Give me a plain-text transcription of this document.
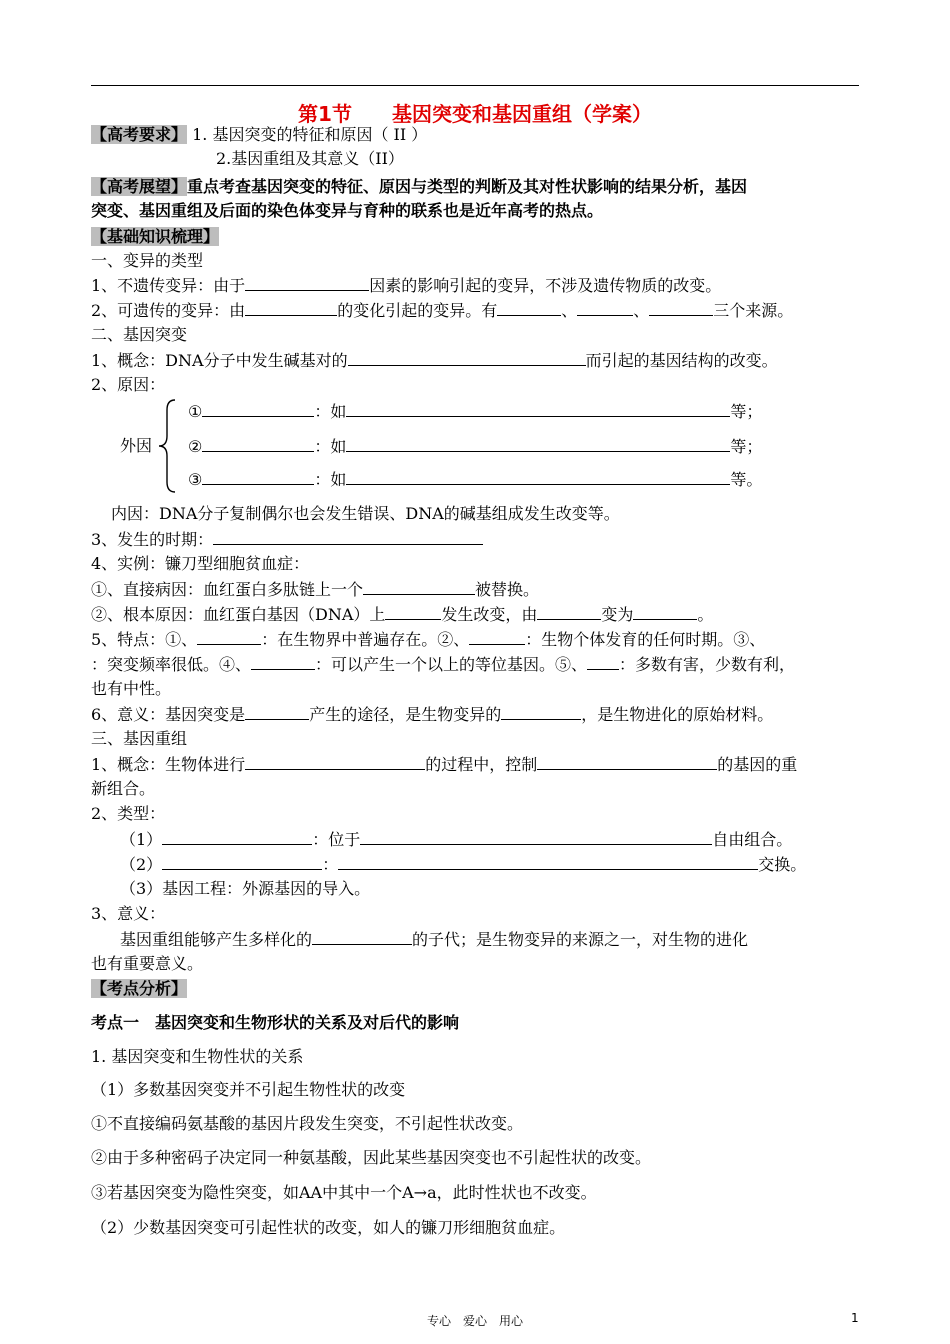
第1节　　基因突变和基因重组（学案）
【高考要求】 1. 基因突变的特征和原因（ II ）
2.基因重组及其意义（II）
【高考展望】重点考查基因突变的特征、原因与类型的判断及其对性状影响的结果分析，基因
突变、基因重组及后面的染色体变异与育种的联系也是近年高考的热点。
【基础知识梳理】
一、变异的类型
1、不遗传变异：由于	因素的影响引起的变异，不涉及遗传物质的改变。
2、可遗传的变异：由	的变化引起的变异。有	、	、	三个来源。
二、基因突变
1、概念：DNA分子中发生碱基对的	而引起的基因结构的改变。
2、原因：
外因
①	：如	等；
②	：如	等；
③	：如	等。
内因：DNA分子复制偶尔也会发生错误、DNA的碱基组成发生改变等。
3、发生的时期：
4、实例：镰刀型细胞贫血症：
①、直接病因：血红蛋白多肽链上一个	被替换。
②、根本原因：血红蛋白基因（DNA）上	发生改变，由	变为	。
5、特点：①、	：在生物界中普遍存在。②、	：生物个体发育的任何时期。③、
：突变频率很低。④、	：可以产生一个以上的等位基因。⑤、 ：多数有害，少数有利，
也有中性。
6、意义：基因突变是	产生的途径，是生物变异的	，是生物进化的原始材料。
三、基因重组
1、概念：生物体进行	的过程中，控制	的基因的重
新组合。
2、类型：
（1）	：位于	自由组合。
（2）	：	交换。
（3）基因工程：外源基因的导入。
3、意义：
基因重组能够产生多样化的	的子代；是生物变异的来源之一，对生物的进化
也有重要意义。
【考点分析】
考点一　基因突变和生物形状的关系及对后代的影响
1. 基因突变和生物性状的关系
（1）多数基因突变并不引起生物性状的改变
①不直接编码氨基酸的基因片段发生突变，不引起性状改变。
②由于多种密码子决定同一种氨基酸，因此某些基因突变也不引起性状的改变。
③若基因突变为隐性突变，如AA中其中一个A→a，此时性状也不改变。
（2）少数基因突变可引起性状的改变，如人的镰刀形细胞贫血症。
专心　爱心　用心	1
